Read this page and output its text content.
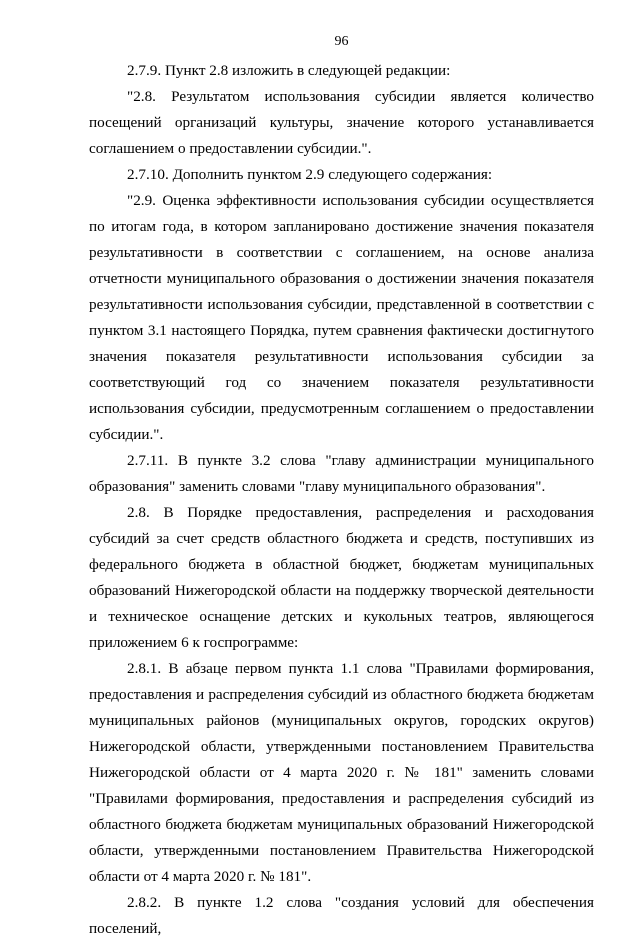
96

2.7.9. Пункт 2.8 изложить в следующей редакции:

"2.8. Результатом использования субсидии является количество посещений организаций культуры, значение которого устанавливается соглашением о предоставлении субсидии.".

2.7.10. Дополнить пунктом 2.9 следующего содержания:

"2.9. Оценка эффективности использования субсидии осуществляется по итогам года, в котором запланировано достижение значения показателя результативности в соответствии с соглашением, на основе анализа отчетности муниципального образования о достижении значения показателя результативности использования субсидии, представленной в соответствии с пунктом 3.1 настоящего Порядка, путем сравнения фактически достигнутого значения показателя результативности использования субсидии за соответствующий год со значением показателя результативности использования субсидии, предусмотренным соглашением о предоставлении субсидии.".

2.7.11. В пункте 3.2 слова "главу администрации муниципального образования" заменить словами "главу муниципального образования".

2.8. В Порядке предоставления, распределения и расходования субсидий за счет средств областного бюджета и средств, поступивших из федерального бюджета в областной бюджет, бюджетам муниципальных образований Нижегородской области на поддержку творческой деятельности и техническое оснащение детских и кукольных театров, являющегося приложением 6 к госпрограмме:

2.8.1. В абзаце первом пункта 1.1 слова "Правилами формирования, предоставления и распределения субсидий из областного бюджета бюджетам муниципальных районов (муниципальных округов, городских округов) Нижегородской области, утвержденными постановлением Правительства Нижегородской области от 4 марта 2020 г. № 181" заменить словами "Правилами формирования, предоставления и распределения субсидий из областного бюджета бюджетам муниципальных образований Нижегородской области, утвержденными постановлением Правительства Нижегородской области от 4 марта 2020 г. № 181".

2.8.2. В пункте 1.2 слова "создания условий для обеспечения поселений,
